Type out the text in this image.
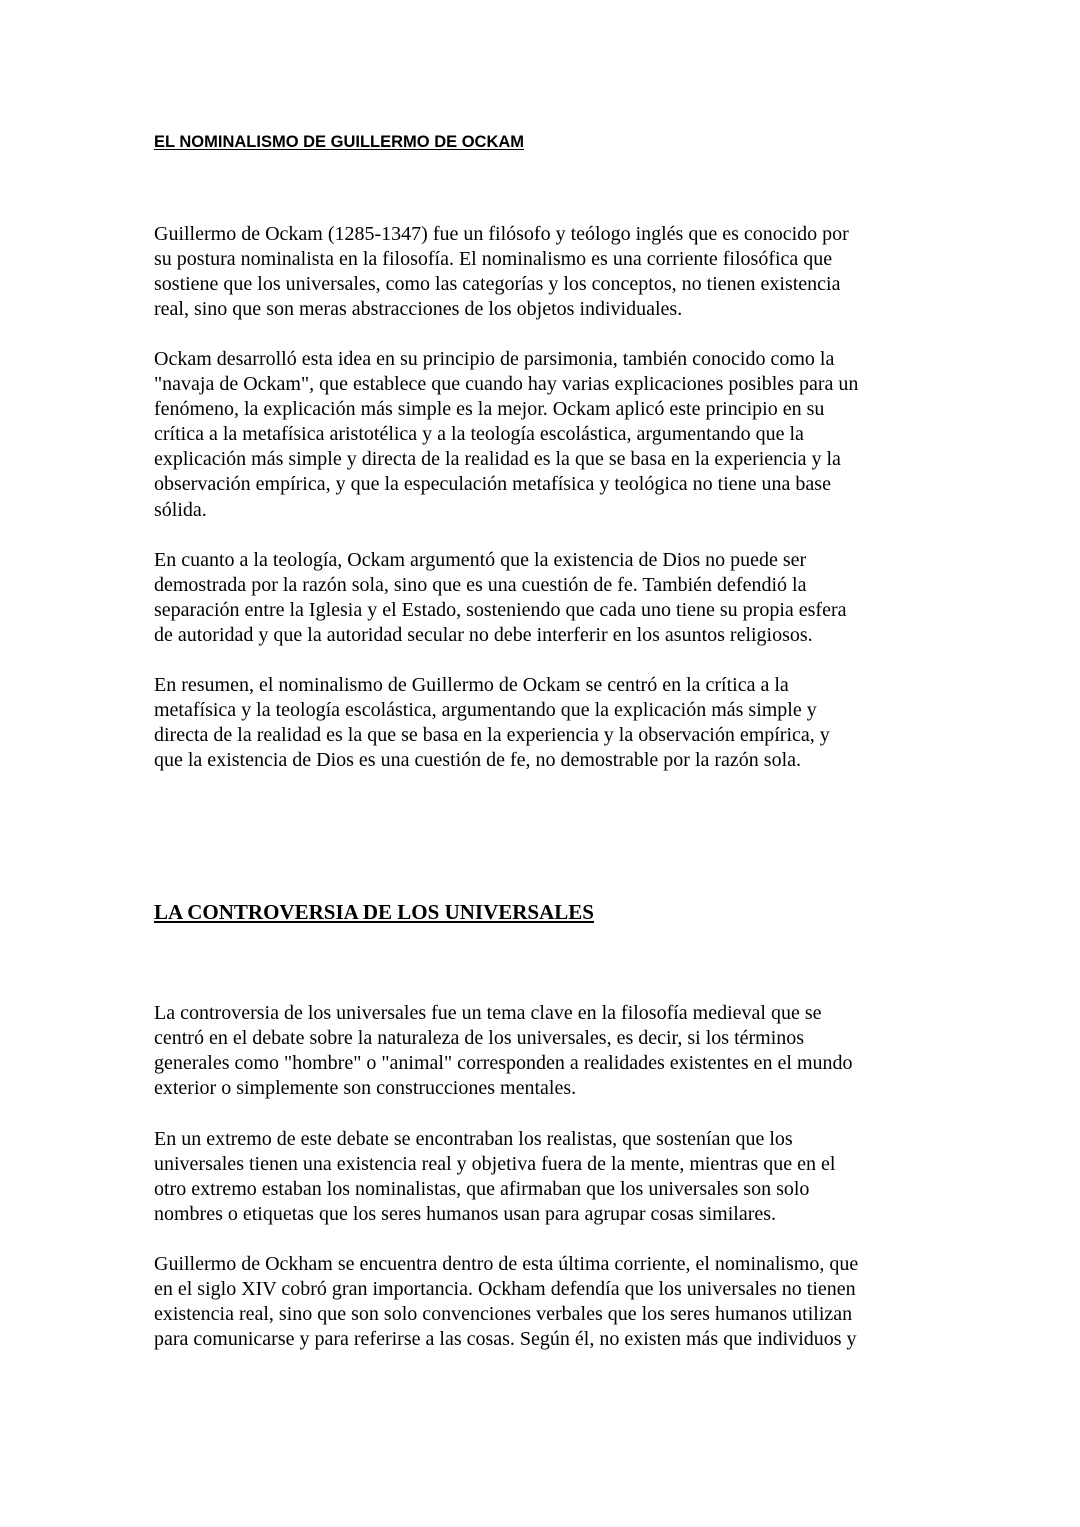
EL NOMINALISMO DE GUILLERMO DE OCKAM

Guillermo de Ockam (1285-1347) fue un filósofo y teólogo inglés que es conocido por
su postura nominalista en la filosofía. El nominalismo es una corriente filosófica que
sostiene que los universales, como las categorías y los conceptos, no tienen existencia
real, sino que son meras abstracciones de los objetos individuales.

Ockam desarrolló esta idea en su principio de parsimonia, también conocido como la
"navaja de Ockam", que establece que cuando hay varias explicaciones posibles para un
fenómeno, la explicación más simple es la mejor. Ockam aplicó este principio en su
crítica a la metafísica aristotélica y a la teología escolástica, argumentando que la
explicación más simple y directa de la realidad es la que se basa en la experiencia y la
observación empírica, y que la especulación metafísica y teológica no tiene una base
sólida.

En cuanto a la teología, Ockam argumentó que la existencia de Dios no puede ser
demostrada por la razón sola, sino que es una cuestión de fe. También defendió la
separación entre la Iglesia y el Estado, sosteniendo que cada uno tiene su propia esfera
de autoridad y que la autoridad secular no debe interferir en los asuntos religiosos.

En resumen, el nominalismo de Guillermo de Ockam se centró en la crítica a la
metafísica y la teología escolástica, argumentando que la explicación más simple y
directa de la realidad es la que se basa en la experiencia y la observación empírica, y
que la existencia de Dios es una cuestión de fe, no demostrable por la razón sola.

LA CONTROVERSIA DE LOS UNIVERSALES

La controversia de los universales fue un tema clave en la filosofía medieval que se
centró en el debate sobre la naturaleza de los universales, es decir, si los términos
generales como "hombre" o "animal" corresponden a realidades existentes en el mundo
exterior o simplemente son construcciones mentales.

En un extremo de este debate se encontraban los realistas, que sostenían que los
universales tienen una existencia real y objetiva fuera de la mente, mientras que en el
otro extremo estaban los nominalistas, que afirmaban que los universales son solo
nombres o etiquetas que los seres humanos usan para agrupar cosas similares.

Guillermo de Ockham se encuentra dentro de esta última corriente, el nominalismo, que
en el siglo XIV cobró gran importancia. Ockham defendía que los universales no tienen
existencia real, sino que son solo convenciones verbales que los seres humanos utilizan
para comunicarse y para referirse a las cosas. Según él, no existen más que individuos y
